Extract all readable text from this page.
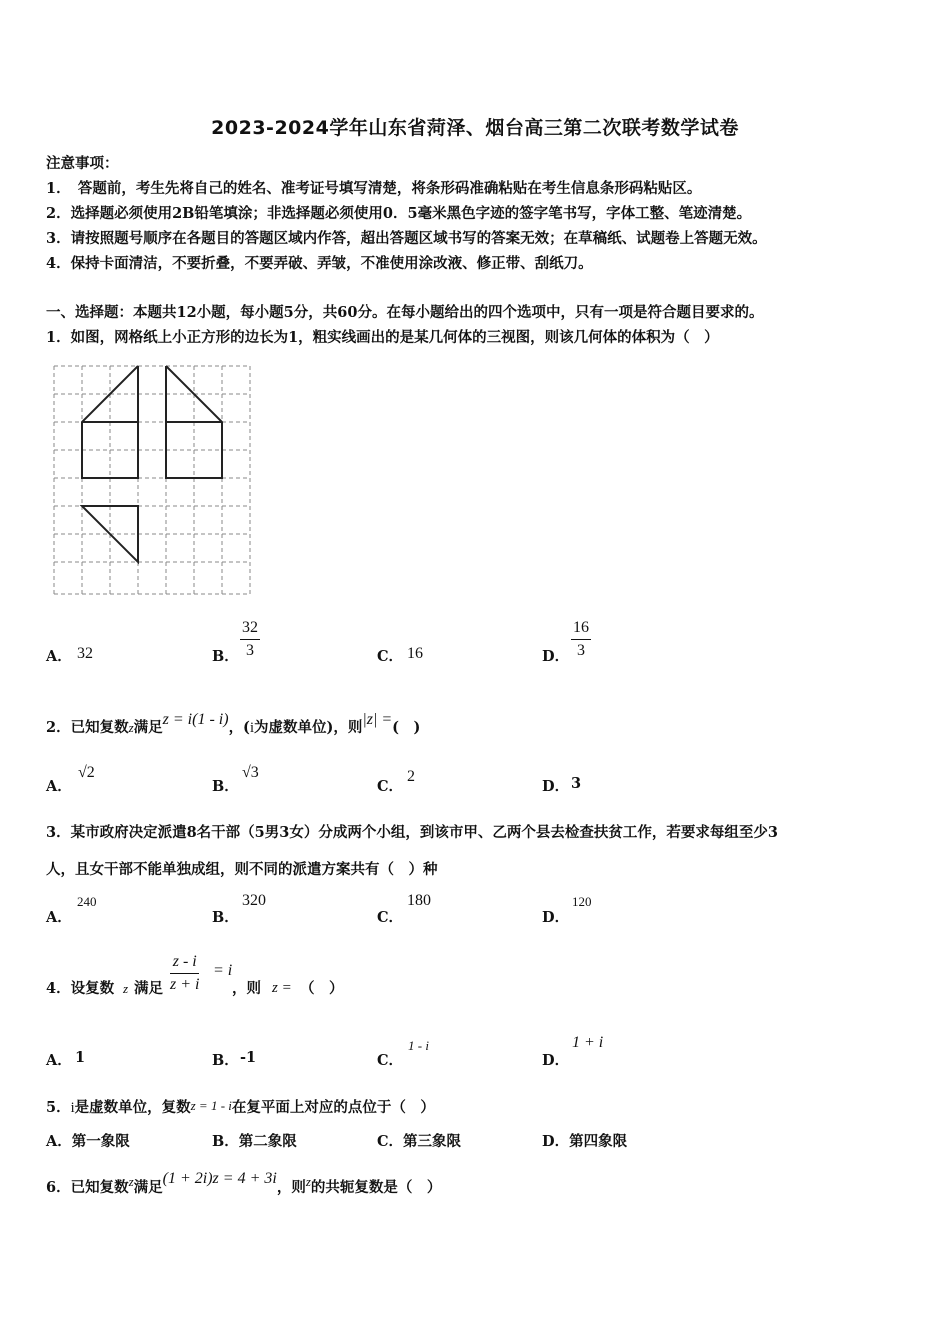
2023-2024学年山东省菏泽、烟台高三第二次联考数学试卷
注意事项：
1．　答题前，考生先将自己的姓名、准考证号填写清楚，将条形码准确粘贴在考生信息条形码粘贴区。
2．选择题必须使用2B铅笔填涂；非选择题必须使用0．5毫米黑色字迹的签字笔书写，字体工整、笔迹清楚。
3．请按照题号顺序在各题目的答题区域内作答，超出答题区域书写的答案无效；在草稿纸、试题卷上答题无效。
4．保持卡面清洁，不要折叠，不要弄破、弄皱，不准使用涂改液、修正带、刮纸刀。
一、选择题：本题共12小题，每小题5分，共60分。在每小题给出的四个选项中，只有一项是符合题目要求的。
1．如图，网格纸上小正方形的边长为1，粗实线画出的是某几何体的三视图，则该几何体的体积为（　）
A． 32	B． $\frac{32}{3}$	C． 16	D． $\frac{16}{3}$
2．已知复数z满足z = i(1 - i)，(i为虚数单位)，则|z| =(　)
A．
√2
B．
√3
C．
2
D． 3
3．某市政府决定派遣8名干部（5男3女）分成两个小组，到该市甲、乙两个县去检查扶贫工作，若要求每组至少3
人，且女干部不能单独成组，则不同的派遣方案共有（　）种
A．
240
B．
320
C．
180
D．
120
4．设复数 z 满足 $\frac{z - i}{z + i} = i$
，则 z = （　）
A． 1	B． -1	C．
1 - i
D．
1 + i
5．i是虚数单位，复数z = 1 - i在复平面上对应的点位于（　）
A．第一象限	B．第二象限	C．第三象限	D．第四象限
6．已知复数z满足(1 + 2i)z = 4 + 3i，则z的共轭复数是（　）
